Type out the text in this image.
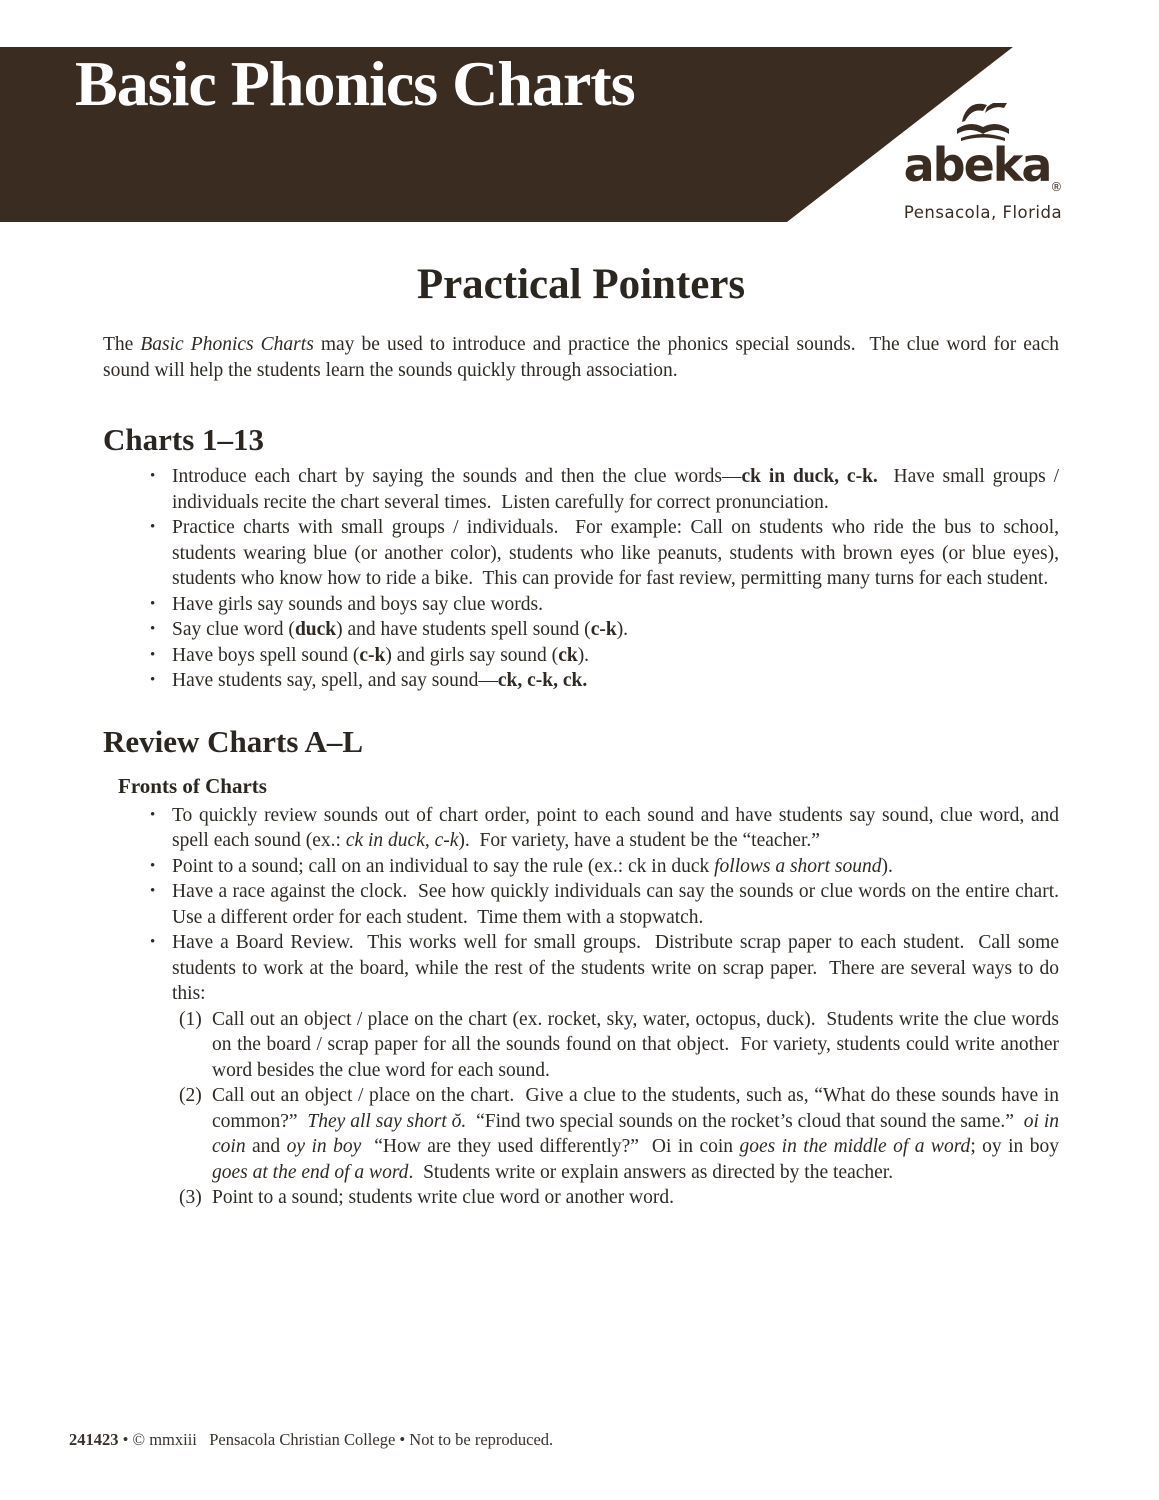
Basic Phonics Charts
abeka®
Pensacola, Florida
Practical Pointers

The Basic Phonics Charts may be used to introduce and practice the phonics special sounds.  The clue word for each sound will help the students learn the sounds quickly through association.

Charts 1–13
• Introduce each chart by saying the sounds and then the clue words—ck in duck, c-k.  Have small groups / individuals recite the chart several times.  Listen carefully for correct pronunciation.
• Practice charts with small groups / individuals.  For example: Call on students who ride the bus to school, students wearing blue (or another color), students who like peanuts, students with brown eyes (or blue eyes), students who know how to ride a bike.  This can provide for fast review, permitting many turns for each student.
• Have girls say sounds and boys say clue words.
• Say clue word (duck) and have students spell sound (c-k).
• Have boys spell sound (c-k) and girls say sound (ck).
• Have students say, spell, and say sound—ck, c-k, ck.
Review Charts A–L
Fronts of Charts
• To quickly review sounds out of chart order, point to each sound and have students say sound, clue word, and spell each sound (ex.: ck in duck, c-k).  For variety, have a student be the “teacher.”
• Point to a sound; call on an individual to say the rule (ex.: ck in duck follows a short sound).
• Have a race against the clock.  See how quickly individuals can say the sounds or clue words on the entire chart.  Use a different order for each student.  Time them with a stopwatch.
• Have a Board Review.  This works well for small groups.  Distribute scrap paper to each student.  Call some students to work at the board, while the rest of the students write on scrap paper.  There are several ways to do this:
(1) Call out an object / place on the chart (ex. rocket, sky, water, octopus, duck).  Students write the clue words on the board / scrap paper for all the sounds found on that object.  For variety, students could write another word besides the clue word for each sound.
(2) Call out an object / place on the chart.  Give a clue to the students, such as, “What do these sounds have in common?”  They all say short ŏ.  “Find two special sounds on the rocket’s cloud that sound the same.”  oi in coin and oy in boy  “How are they used differently?”  Oi in coin goes in the middle of a word; oy in boy goes at the end of a word.  Students write or explain answers as directed by the teacher.
(3) Point to a sound; students write clue word or another word.
241423 • © mmxiii   Pensacola Christian College • Not to be reproduced.
